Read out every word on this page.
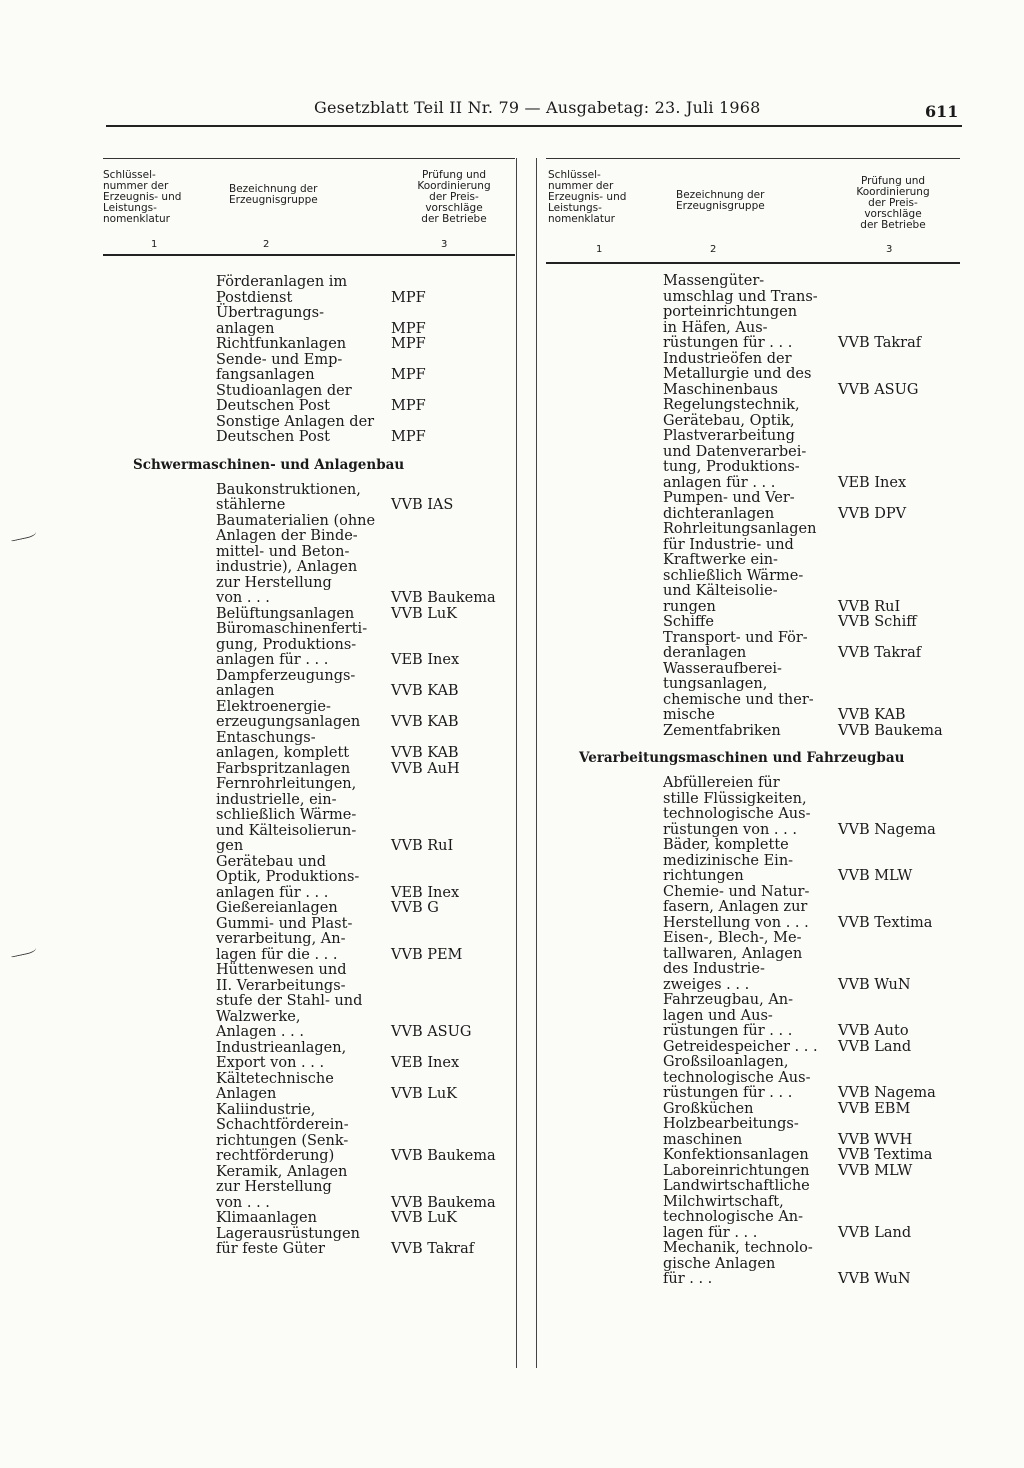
Gesetzblatt Teil II Nr. 79 — Ausgabetag: 23. Juli 1968	611
Schlüssel-
nummer der
Erzeugnis- und
Leistungs-
nomenklatur
Bezeichnung der
Erzeugnisgruppe
Prüfung und
Koordinierung
der Preis-
vorschläge
der Betriebe
1	2	3
Förderanlagen im
Postdienst	MPF
Übertragungs-
anlagen	MPF
Richtfunkanlagen	MPF
Sende- und Emp-
fangsanlagen	MPF
Studioanlagen der
Deutschen Post	MPF
Sonstige Anlagen der
Deutschen Post	MPF
Schwermaschinen- und Anlagenbau
Baukonstruktionen,
stählerne	VVB IAS
Baumaterialien (ohne
Anlagen der Binde-
mittel- und Beton-
industrie), Anlagen
zur Herstellung
von . . .	VVB Baukema
Belüftungsanlagen	VVB LuK
Büromaschinenferti-
gung, Produktions-
anlagen für . . .	VEB Inex
Dampferzeugungs-
anlagen	VVB KAB
Elektroenergie-
erzeugungsanlagen	VVB KAB
Entaschungs-
anlagen, komplett	VVB KAB
Farbspritzanlagen	VVB AuH
Fernrohrleitungen,
industrielle, ein-
schließlich Wärme-
und Kälteisolierun-
gen	VVB RuI
Gerätebau und
Optik, Produktions-
anlagen für . . .	VEB Inex
Gießereianlagen	VVB G
Gummi- und Plast-
verarbeitung, An-
lagen für die . . .	VVB PEM
Hüttenwesen und
II. Verarbeitungs-
stufe der Stahl- und
Walzwerke,
Anlagen . . .	VVB ASUG
Industrieanlagen,
Export von . . .	VEB Inex
Kältetechnische
Anlagen	VVB LuK
Kaliindustrie,
Schachtförderein-
richtungen (Senk-
rechtförderung)	VVB Baukema
Keramik, Anlagen
zur Herstellung
von . . .	VVB Baukema
Klimaanlagen	VVB LuK
Lagerausrüstungen
für feste Güter	VVB Takraf
Schlüssel-
nummer der
Erzeugnis- und
Leistungs-
nomenklatur
Bezeichnung der
Erzeugnisgruppe
Prüfung und
Koordinierung
der Preis-
vorschläge
der Betriebe
1	2	3
Massengüter-
umschlag und Trans-
porteinrichtungen
in Häfen, Aus-
rüstungen für . . .	VVB Takraf
Industrieöfen der
Metallurgie und des
Maschinenbaus	VVB ASUG
Regelungstechnik,
Gerätebau, Optik,
Plastverarbeitung
und Datenverarbei-
tung, Produktions-
anlagen für . . .	VEB Inex
Pumpen- und Ver-
dichteranlagen	VVB DPV
Rohrleitungsanlagen
für Industrie- und
Kraftwerke ein-
schließlich Wärme-
und Kälteisolie-
rungen	VVB RuI
Schiffe	VVB Schiff
Transport- und För-
deranlagen	VVB Takraf
Wasseraufberei-
tungsanlagen,
chemische und ther-
mische	VVB KAB
Zementfabriken	VVB Baukema
Verarbeitungsmaschinen und Fahrzeugbau
Abfüllereien für
stille Flüssigkeiten,
technologische Aus-
rüstungen von . . .	VVB Nagema
Bäder, komplette
medizinische Ein-
richtungen	VVB MLW
Chemie- und Natur-
fasern, Anlagen zur
Herstellung von . . .	VVB Textima
Eisen-, Blech-, Me-
tallwaren, Anlagen
des Industrie-
zweiges . . .	VVB WuN
Fahrzeugbau, An-
lagen und Aus-
rüstungen für . . .	VVB Auto
Getreidespeicher . . .	VVB Land
Großsiloanlagen,
technologische Aus-
rüstungen für . . .	VVB Nagema
Großküchen	VVB EBM
Holzbearbeitungs-
maschinen	VVB WVH
Konfektionsanlagen	VVB Textima
Laboreinrichtungen	VVB MLW
Landwirtschaftliche
Milchwirtschaft,
technologische An-
lagen für . . .	VVB Land
Mechanik, technolo-
gische Anlagen
für . . .	VVB WuN
